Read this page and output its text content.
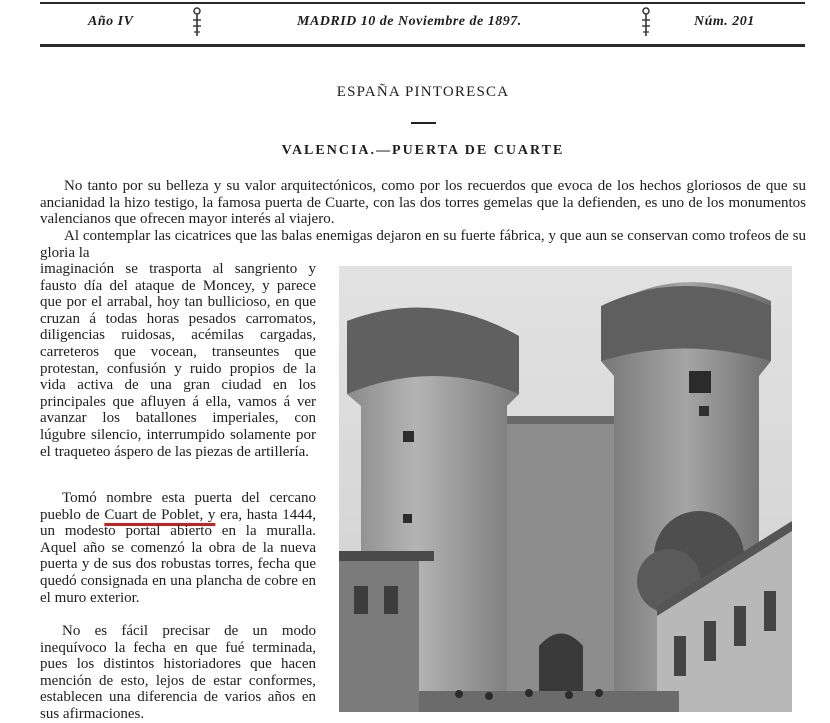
Año IV	MADRID 10 de Noviembre de 1897.	Núm. 201
ESPAÑA PINTORESCA
VALENCIA.—PUERTA DE CUARTE

No tanto por su belleza y su valor arquitectónicos, como por los recuerdos que evoca de los hechos gloriosos de que su ancianidad la hizo testigo, la famosa puerta de Cuarte, con las dos torres gemelas que la defienden, es uno de los monumentos valencianos que ofrecen mayor interés al viajero.

Al contemplar las cicatrices que las balas enemigas dejaron en su fuerte fábrica, y que aun se conservan como trofeos de su gloria la

imaginación se trasporta al sangriento y fausto día del ataque de Moncey, y parece que por el arrabal, hoy tan bullicioso, en que cruzan á todas horas pesados carromatos, diligencias ruidosas, acémilas cargadas, carreteros que vocean, transeuntes que protestan, confusión y ruido propios de la vida activa de una gran ciudad en los principales que afluyen á ella, vamos á ver avanzar los batallones imperiales, con lúgubre silencio, interrumpido solamente por el traqueteo áspero de las piezas de artillería.

Tomó nombre esta puerta del cercano pueblo de Cuart de Poblet, y era, hasta 1444, un modesto portal abierto en la muralla. Aquel año se comenzó la obra de la nueva puerta y de sus dos robustas torres, fecha que quedó consignada en una plancha de cobre en el muro exterior.

No es fácil precisar de un modo inequívoco la fecha en que fué terminada, pues los distintos historiadores que hacen mención de esto, lejos de estar conformes, establecen una diferencia de varios años en sus afirmaciones.
